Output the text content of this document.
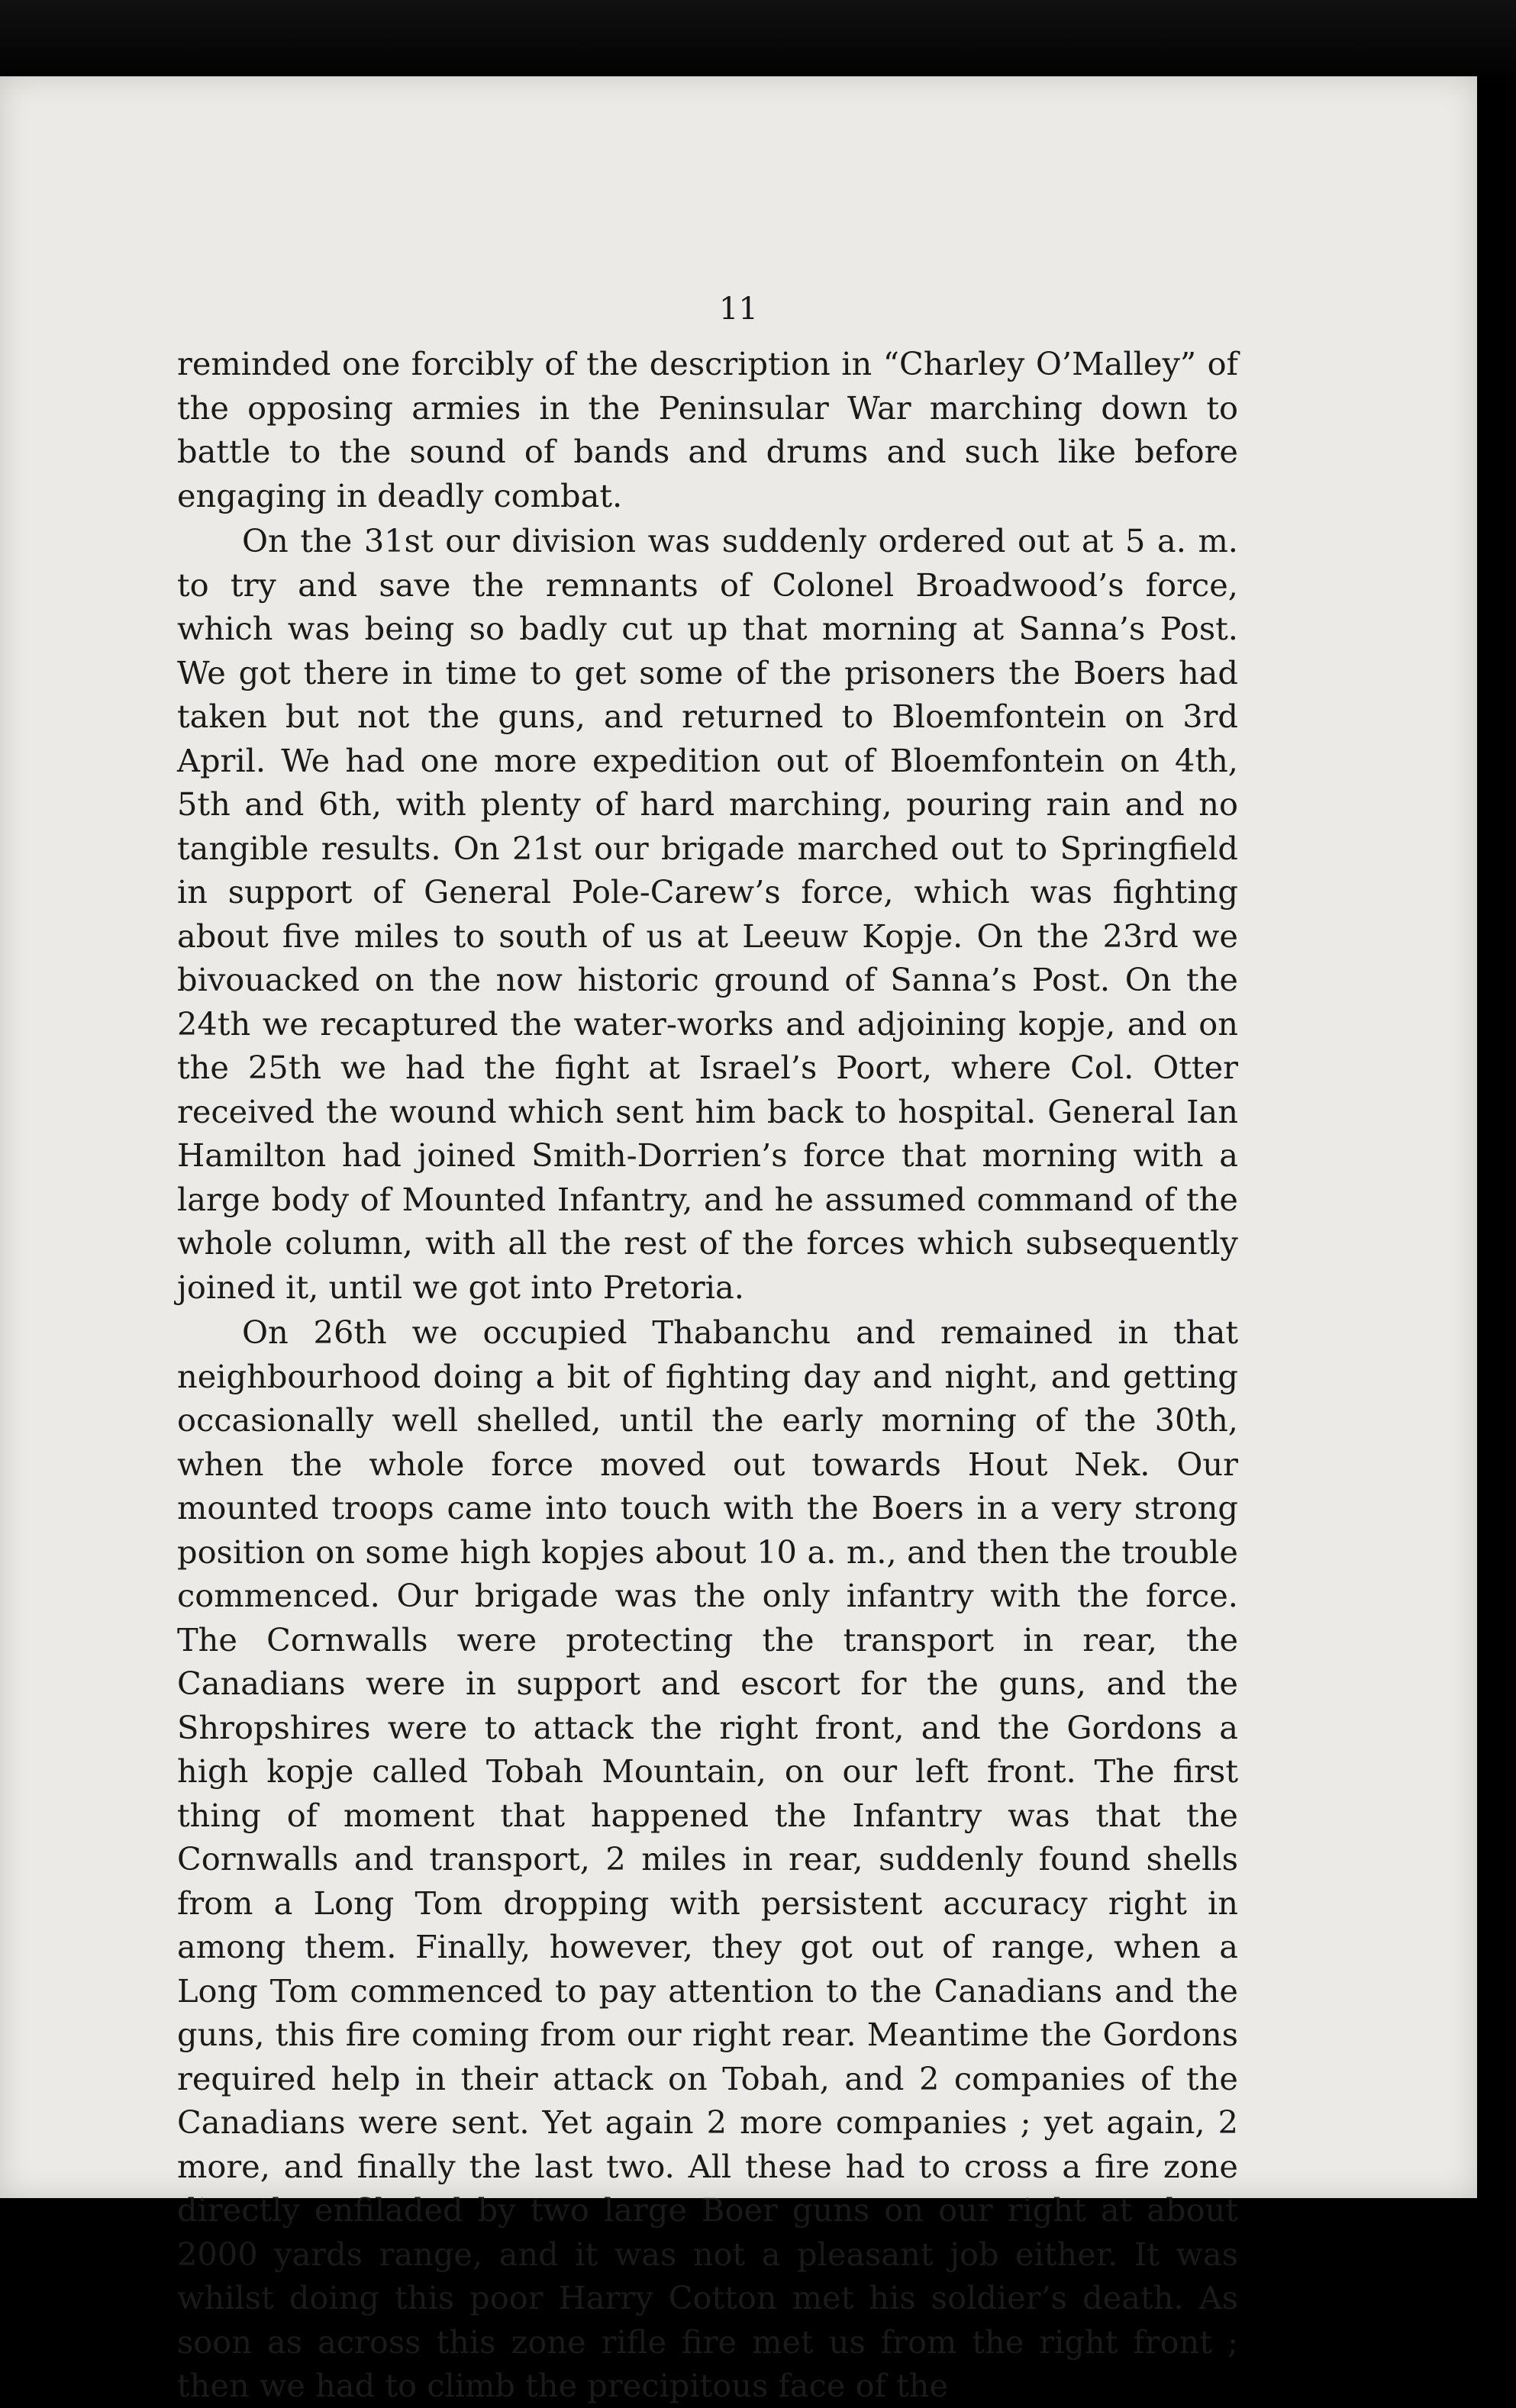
11

reminded one forcibly of the description in “Charley O’Malley” of the opposing armies in the Peninsular War marching down to battle to the sound of bands and drums and such like before engaging in deadly combat.

On the 31st our division was suddenly ordered out at 5 a. m. to try and save the remnants of Colonel Broadwood’s force, which was being so badly cut up that morning at Sanna’s Post. We got there in time to get some of the prisoners the Boers had taken but not the guns, and returned to Bloemfontein on 3rd April. We had one more expedition out of Bloemfontein on 4th, 5th and 6th, with plenty of hard marching, pouring rain and no tangible results. On 21st our brigade marched out to Springfield in support of General Pole-Carew’s force, which was fighting about five miles to south of us at Leeuw Kopje. On the 23rd we bivouacked on the now historic ground of Sanna’s Post. On the 24th we recaptured the water-works and adjoining kopje, and on the 25th we had the fight at Israel’s Poort, where Col. Otter received the wound which sent him back to hospital. General Ian Hamilton had joined Smith-Dorrien’s force that morning with a large body of Mounted Infantry, and he assumed command of the whole column, with all the rest of the forces which subsequently joined it, until we got into Pretoria.

On 26th we occupied Thabanchu and remained in that neighbourhood doing a bit of fighting day and night, and getting occasionally well shelled, until the early morning of the 30th, when the whole force moved out towards Hout Nek. Our mounted troops came into touch with the Boers in a very strong position on some high kopjes about 10 a. m., and then the trouble commenced. Our brigade was the only infantry with the force. The Cornwalls were protecting the transport in rear, the Canadians were in support and escort for the guns, and the Shropshires were to attack the right front, and the Gordons a high kopje called Tobah Mountain, on our left front. The first thing of moment that happened the Infantry was that the Cornwalls and transport, 2 miles in rear, suddenly found shells from a Long Tom dropping with persistent accuracy right in among them. Finally, however, they got out of range, when a Long Tom commenced to pay attention to the Canadians and the guns, this fire coming from our right rear. Meantime the Gordons required help in their attack on Tobah, and 2 companies of the Canadians were sent. Yet again 2 more companies ; yet again, 2 more, and finally the last two. All these had to cross a fire zone directly enfiladed by two large Boer guns on our right at about 2000 yards range, and it was not a pleasant job either. It was whilst doing this poor Harry Cotton met his soldier’s death. As soon as across this zone rifle fire met us from the right front ; then we had to climb the precipitous face of the
